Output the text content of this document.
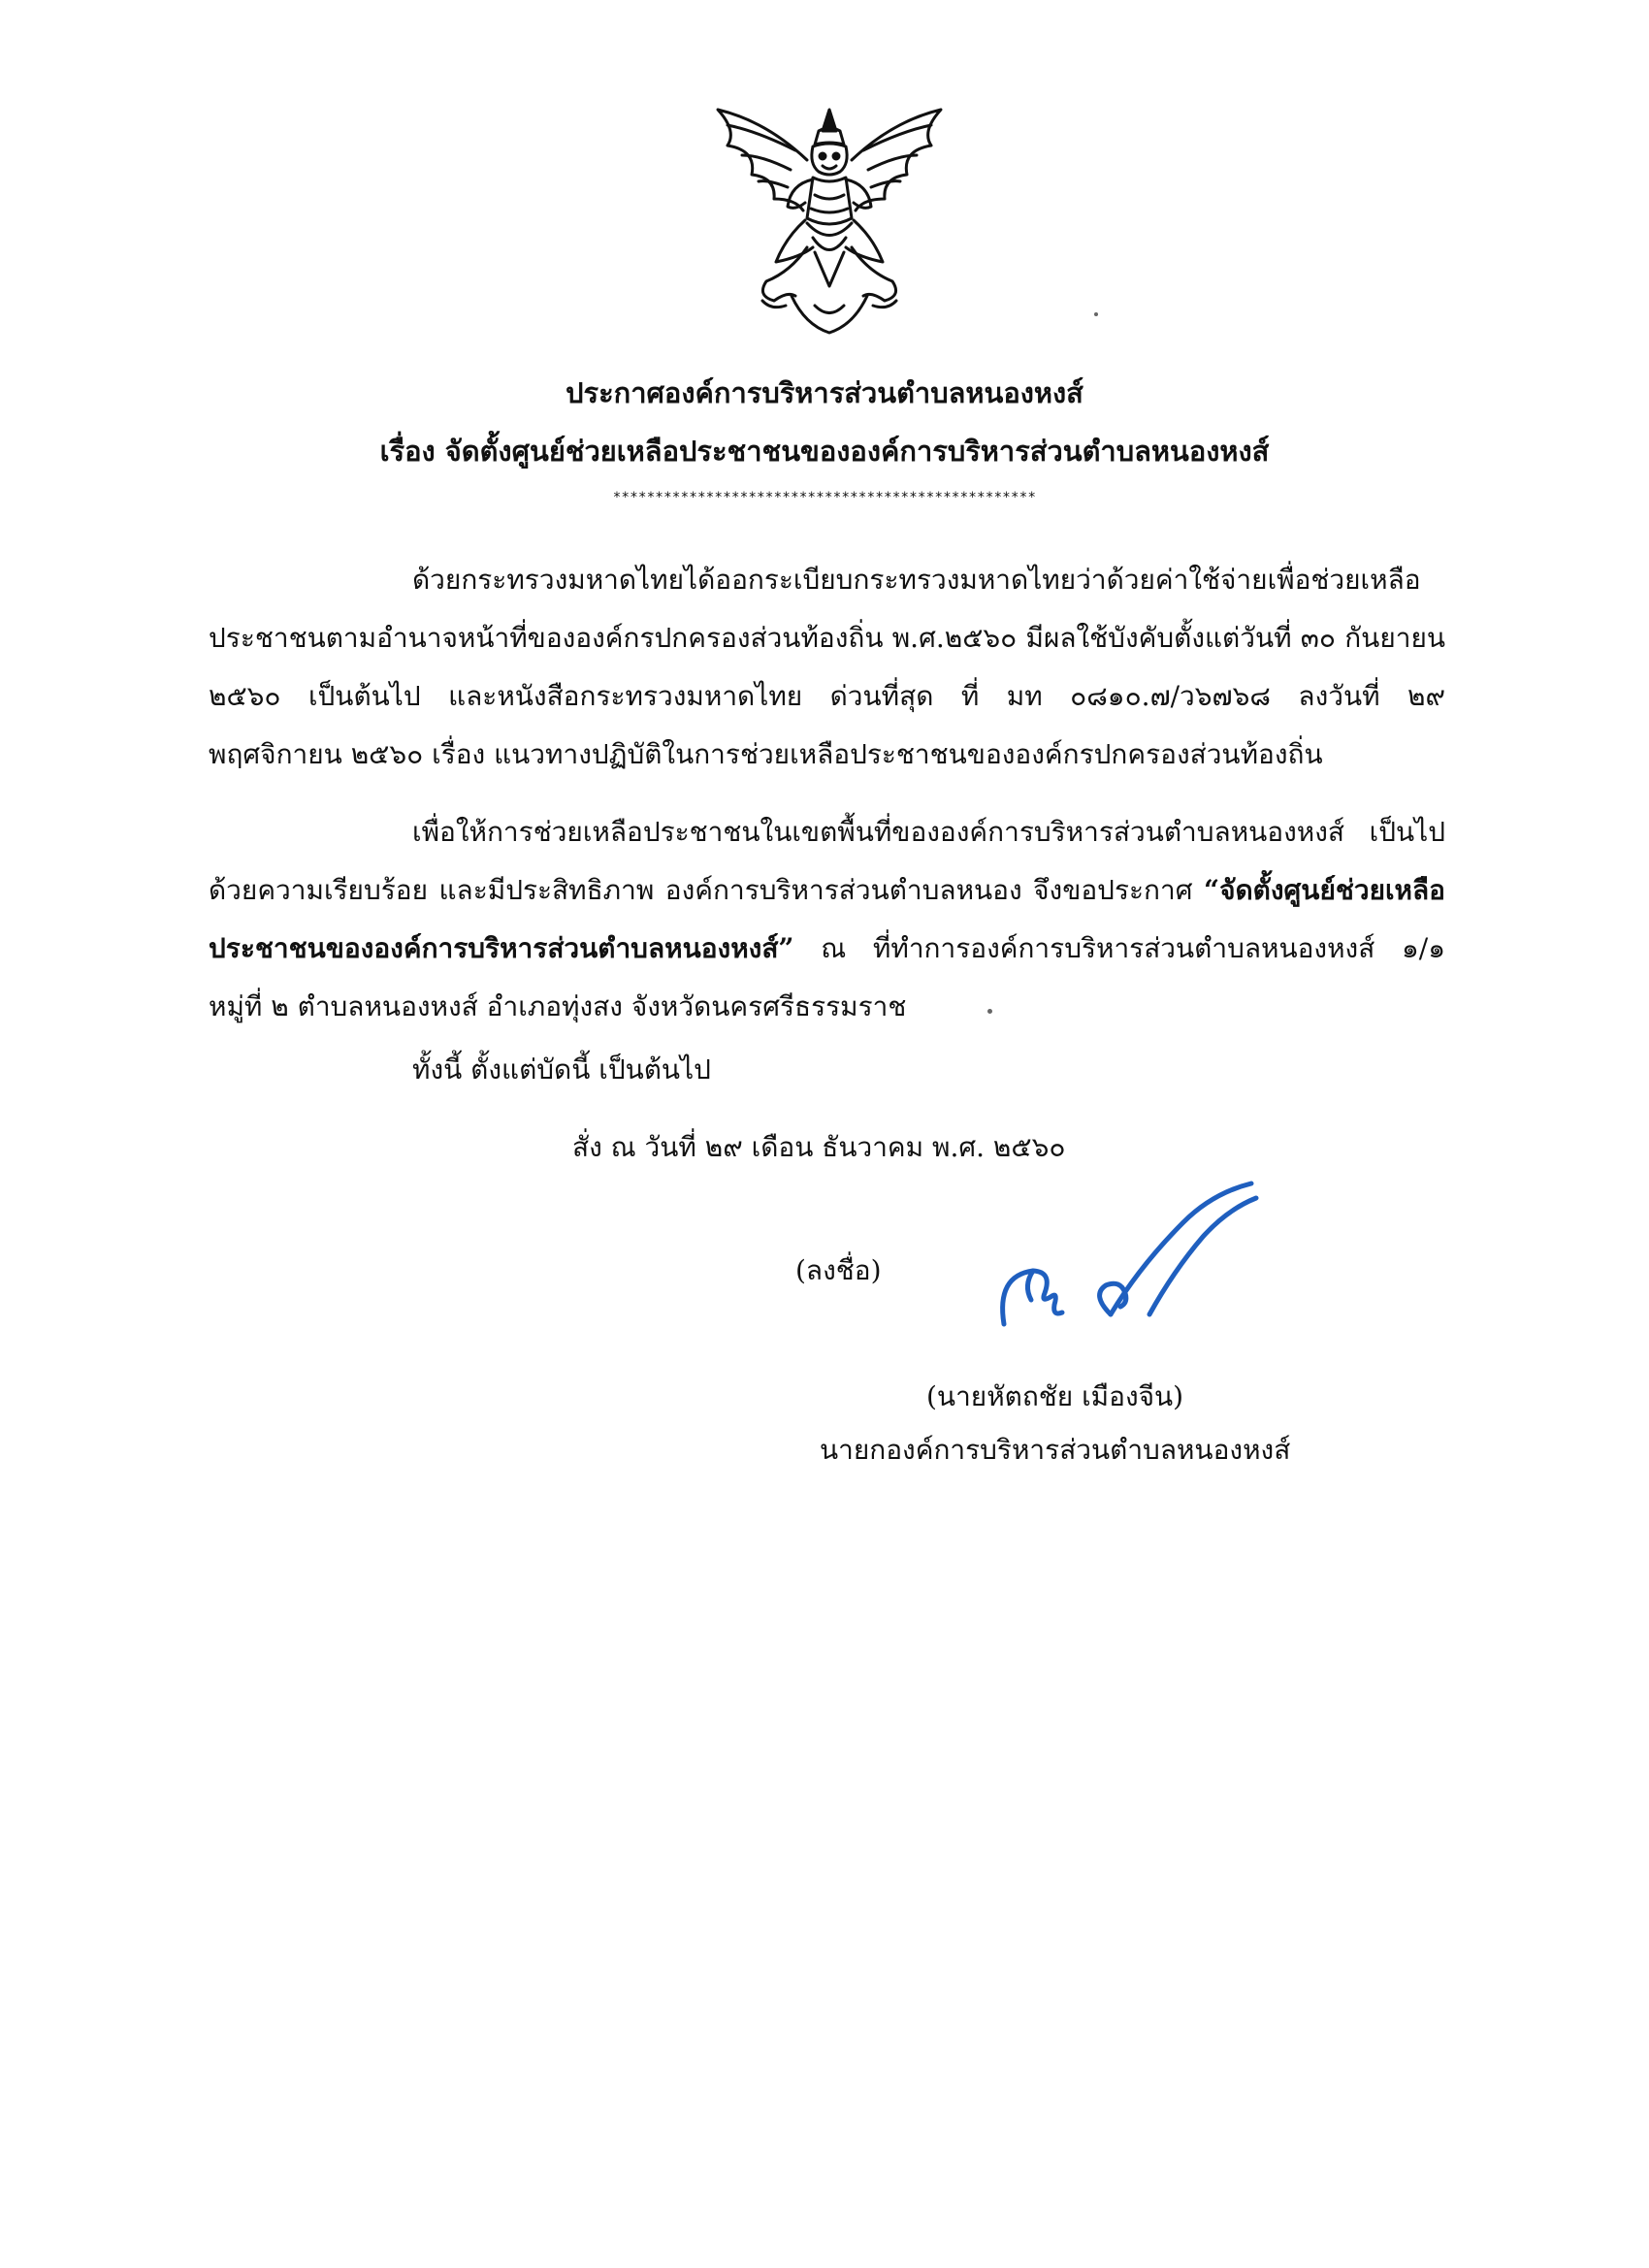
ประกาศองค์การบริหารส่วนตำบลหนองหงส์
เรื่อง จัดตั้งศูนย์ช่วยเหลือประชาชนขององค์การบริหารส่วนตำบลหนองหงส์
**************************************************
ด้วยกระทรวงมหาดไทยได้ออกระเบียบกระทรวงมหาดไทยว่าด้วยค่าใช้จ่ายเพื่อช่วยเหลือ
ประชาชนตามอำนาจหน้าที่ขององค์กรปกครองส่วนท้องถิ่น พ.ศ.๒๕๖๐ มีผลใช้บังคับตั้งแต่วันที่ ๓๐ กันยายน
๒๕๖๐ เป็นต้นไป และหนังสือกระทรวงมหาดไทย ด่วนที่สุด ที่ มท ๐๘๑๐.๗/ว๖๗๖๘ ลงวันที่ ๒๙
พฤศจิกายน ๒๕๖๐ เรื่อง แนวทางปฏิบัติในการช่วยเหลือประชาชนขององค์กรปกครองส่วนท้องถิ่น
เพื่อให้การช่วยเหลือประชาชนในเขตพื้นที่ขององค์การบริหารส่วนตำบลหนองหงส์ เป็นไป
ด้วยความเรียบร้อย และมีประสิทธิภาพ องค์การบริหารส่วนตำบลหนอง จึงขอประกาศ “จัดตั้งศูนย์ช่วยเหลือ
ประชาชนขององค์การบริหารส่วนตำบลหนองหงส์” ณ ที่ทำการองค์การบริหารส่วนตำบลหนองหงส์ ๑/๑
หมู่ที่ ๒ ตำบลหนองหงส์ อำเภอทุ่งสง จังหวัดนครศรีธรรมราช
ทั้งนี้ ตั้งแต่บัดนี้ เป็นต้นไป
สั่ง ณ วันที่ ๒๙ เดือน ธันวาคม พ.ศ. ๒๕๖๐
(ลงชื่อ)
(นายหัตถชัย เมืองจีน)
นายกองค์การบริหารส่วนตำบลหนองหงส์
